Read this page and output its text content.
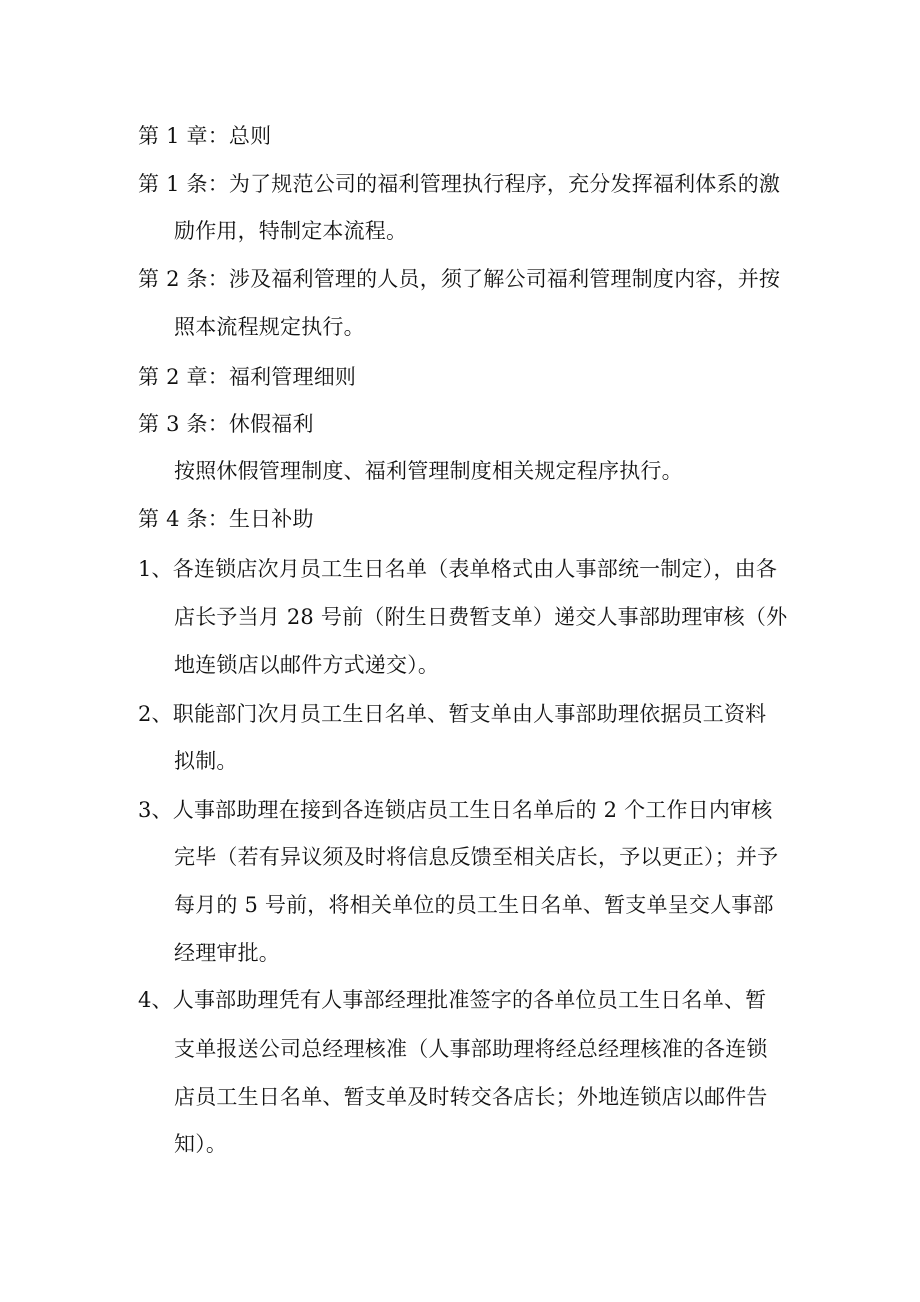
第 1 章：总则
第 1 条：为了规范公司的福利管理执行程序，充分发挥福利体系的激
励作用，特制定本流程。
第 2 条：涉及福利管理的人员，须了解公司福利管理制度内容，并按
照本流程规定执行。
第 2 章：福利管理细则
第 3 条：休假福利
按照休假管理制度、福利管理制度相关规定程序执行。
第 4 条：生日补助
1、各连锁店次月员工生日名单（表单格式由人事部统一制定），由各
店长予当月 28 号前（附生日费暂支单）递交人事部助理审核（外
地连锁店以邮件方式递交）。
2、职能部门次月员工生日名单、暂支单由人事部助理依据员工资料
拟制。
3、人事部助理在接到各连锁店员工生日名单后的 2 个工作日内审核
完毕（若有异议须及时将信息反馈至相关店长，予以更正）；并予
每月的 5 号前，将相关单位的员工生日名单、暂支单呈交人事部
经理审批。
4、人事部助理凭有人事部经理批准签字的各单位员工生日名单、暂
支单报送公司总经理核准（人事部助理将经总经理核准的各连锁
店员工生日名单、暂支单及时转交各店长；外地连锁店以邮件告
知）。
